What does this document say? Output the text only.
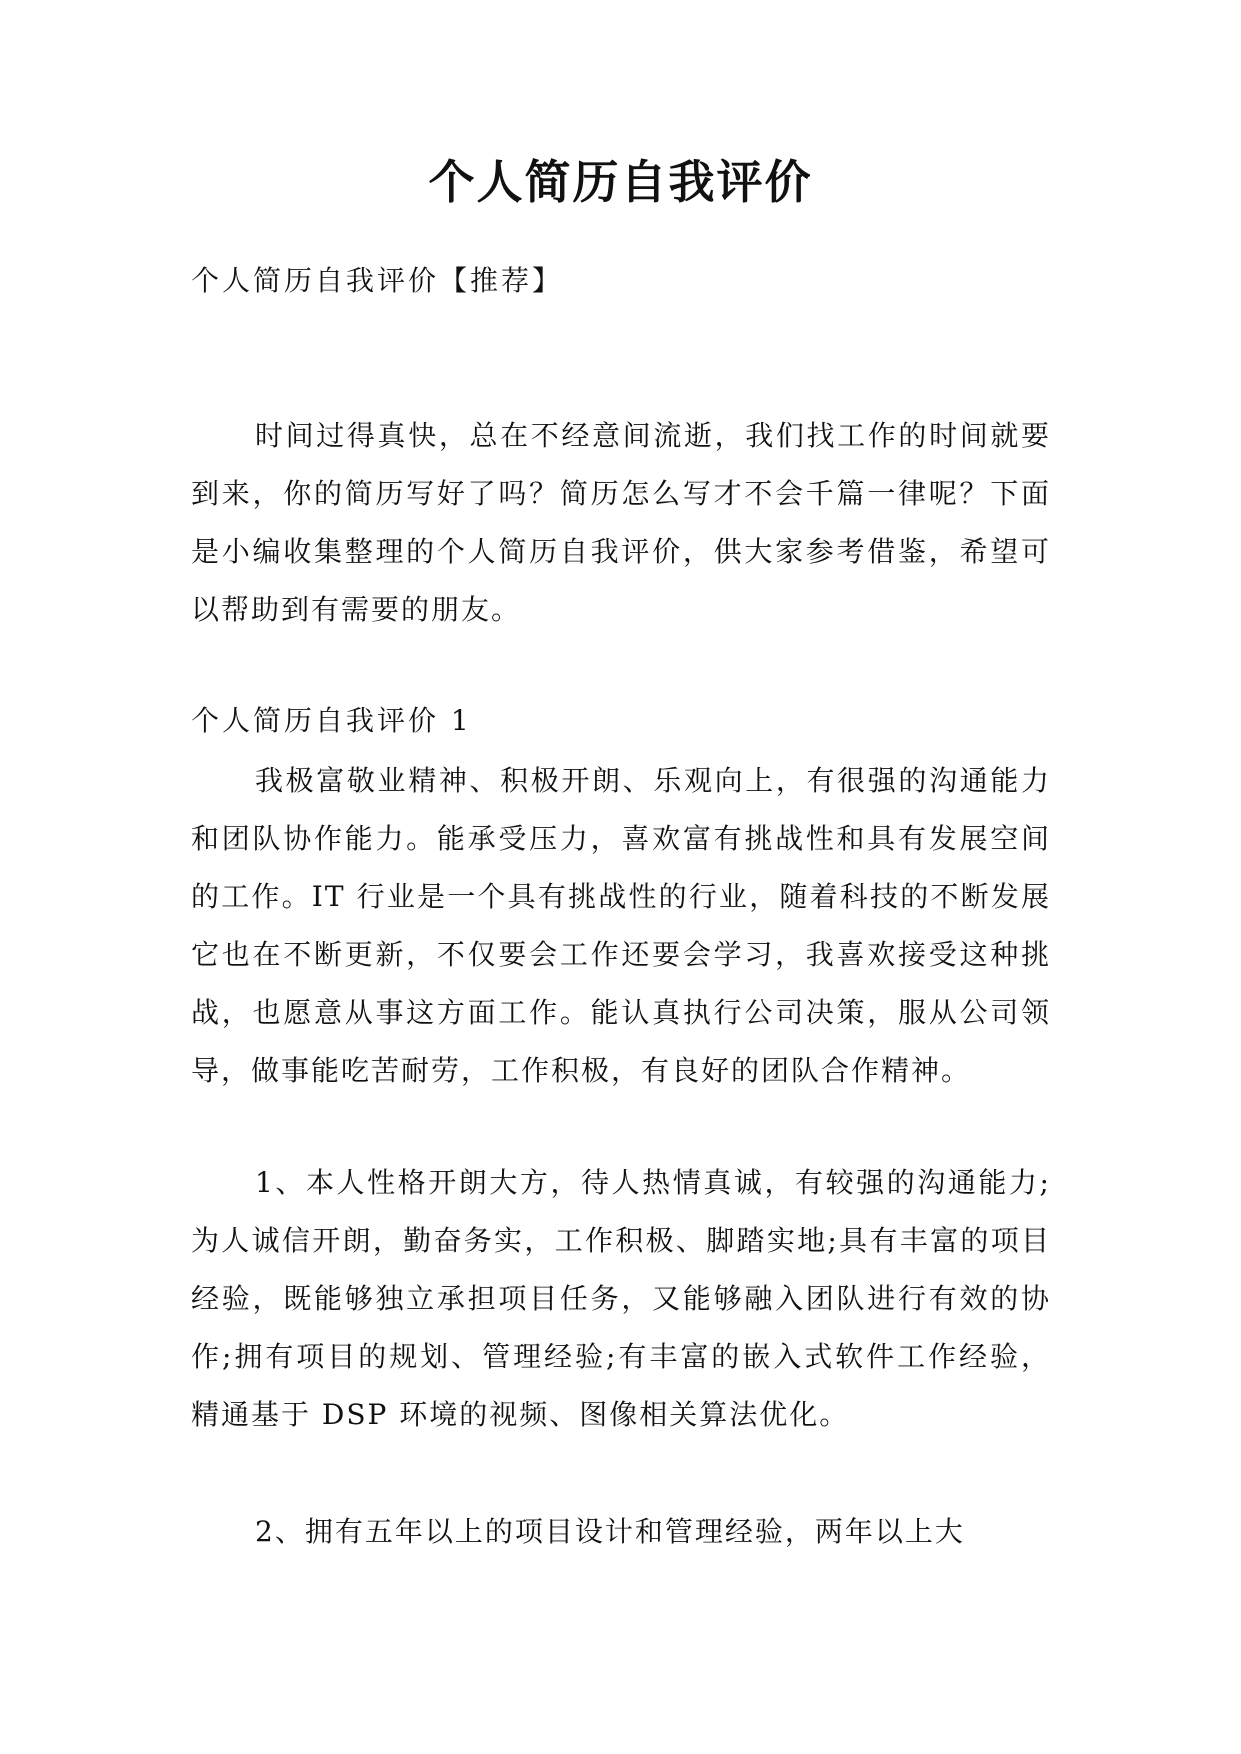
个人简历自我评价
个人简历自我评价【推荐】

时间过得真快，总在不经意间流逝，我们找工作的时间就要到来，你的简历写好了吗？简历怎么写才不会千篇一律呢？下面是小编收集整理的个人简历自我评价，供大家参考借鉴，希望可以帮助到有需要的朋友。

个人简历自我评价 1

我极富敬业精神、积极开朗、乐观向上，有很强的沟通能力和团队协作能力。能承受压力，喜欢富有挑战性和具有发展空间的工作。IT 行业是一个具有挑战性的行业，随着科技的不断发展它也在不断更新，不仅要会工作还要会学习，我喜欢接受这种挑战，也愿意从事这方面工作。能认真执行公司决策，服从公司领导，做事能吃苦耐劳，工作积极，有良好的团队合作精神。

1、本人性格开朗大方，待人热情真诚，有较强的沟通能力;为人诚信开朗，勤奋务实，工作积极、脚踏实地;具有丰富的项目经验，既能够独立承担项目任务，又能够融入团队进行有效的协作;拥有项目的规划、管理经验;有丰富的嵌入式软件工作经验，精通基于 DSP 环境的视频、图像相关算法优化。

2、拥有五年以上的项目设计和管理经验，两年以上大
